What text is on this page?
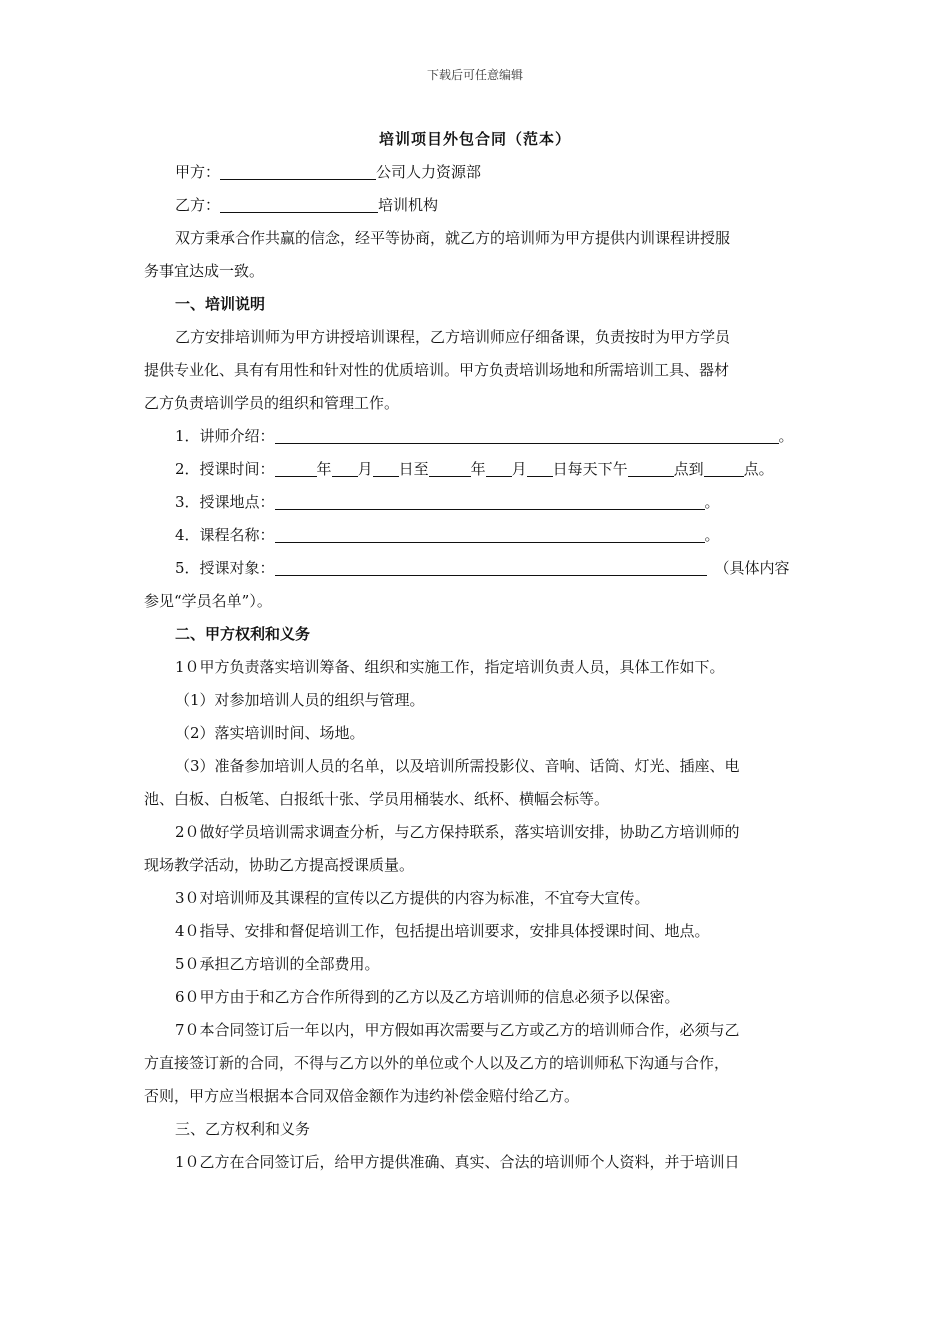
下载后可任意编辑
培训项目外包合同（范本）
甲方：	公司人力资源部
乙方：	培训机构
双方秉承合作共赢的信念，经平等协商，就乙方的培训师为甲方提供内训课程讲授服
务事宜达成一致。
一、培训说明
乙方安排培训师为甲方讲授培训课程，乙方培训师应仔细备课，负责按时为甲方学员
提供专业化、具有有用性和针对性的优质培训。甲方负责培训场地和所需培训工具、器材
乙方负责培训学员的组织和管理工作。
1．讲师介绍：	。
2．授课时间：	年 月 日至	年 月 日每天下午	点到	点。
3．授课地点：	。
4．课程名称：	。
5．授课对象：	（具体内容
参见“学员名单”）。
二、甲方权利和义务
1０甲方负责落实培训筹备、组织和实施工作，指定培训负责人员，具体工作如下。
（1）对参加培训人员的组织与管理。
（2）落实培训时间、场地。
（3）准备参加培训人员的名单，以及培训所需投影仪、音响、话筒、灯光、插座、电
池、白板、白板笔、白报纸十张、学员用桶装水、纸杯、横幅会标等。
2０做好学员培训需求调查分析，与乙方保持联系，落实培训安排，协助乙方培训师的
现场教学活动，协助乙方提高授课质量。
3０对培训师及其课程的宣传以乙方提供的内容为标准，不宜夸大宣传。
4０指导、安排和督促培训工作，包括提出培训要求，安排具体授课时间、地点。
5０承担乙方培训的全部费用。
6０甲方由于和乙方合作所得到的乙方以及乙方培训师的信息必须予以保密。
7０本合同签订后一年以内，甲方假如再次需要与乙方或乙方的培训师合作，必须与乙
方直接签订新的合同，不得与乙方以外的单位或个人以及乙方的培训师私下沟通与合作，
否则，甲方应当根据本合同双倍金额作为违约补偿金赔付给乙方。
三、乙方权利和义务
1０乙方在合同签订后，给甲方提供准确、真实、合法的培训师个人资料，并于培训日
